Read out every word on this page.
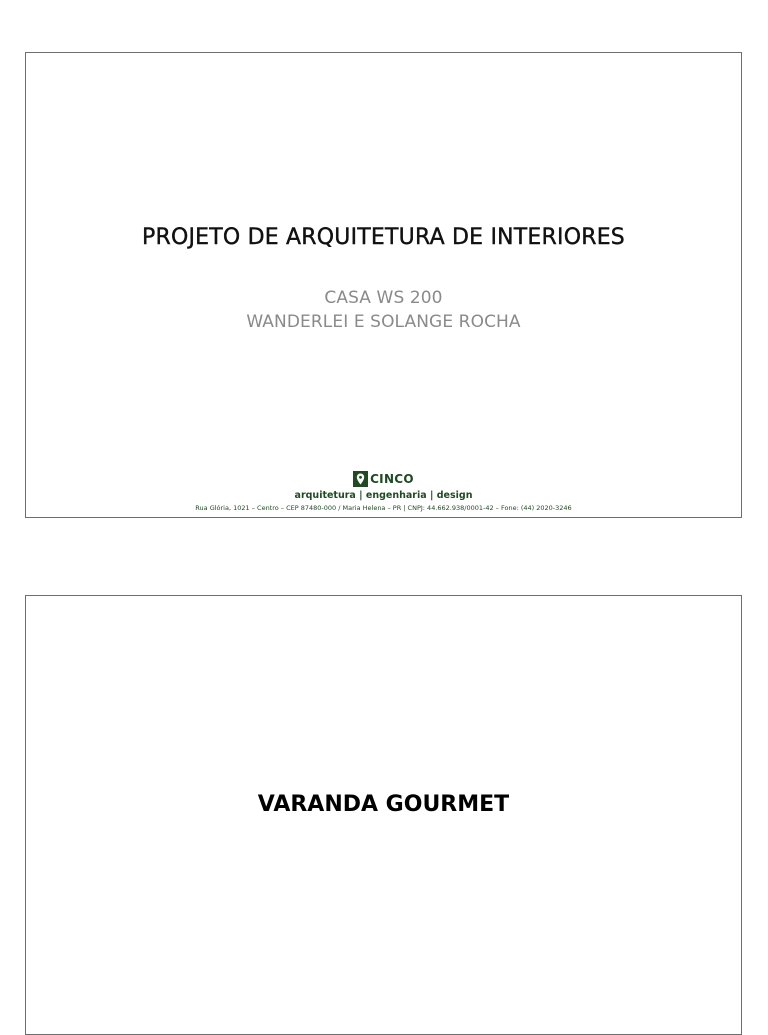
PROJETO DE ARQUITETURA DE INTERIORES

CASA WS 200

WANDERLEI E SOLANGE ROCHA

CINCO

arquitetura | engenharia | design

Rua Glória, 1021 – Centro – CEP 87480-000 / Maria Helena – PR | CNPJ: 44.662.938/0001-42 – Fone: (44) 2020-3246

VARANDA GOURMET
